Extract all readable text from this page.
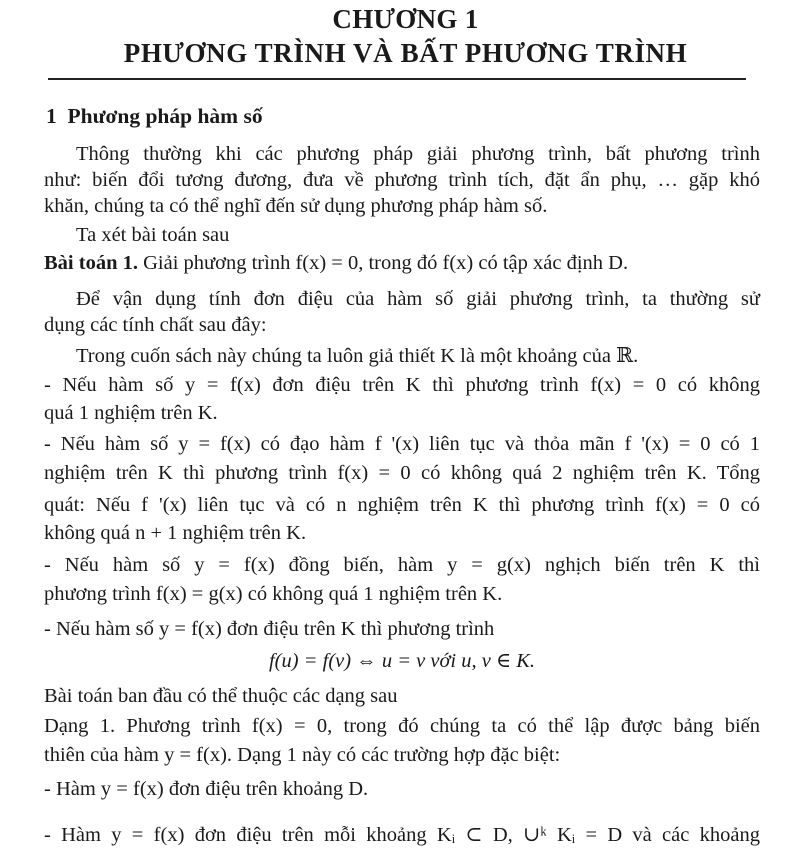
CHƯƠNG 1
PHƯƠNG TRÌNH VÀ BẤT PHƯƠNG TRÌNH
1 Phương pháp hàm số
Thông thường khi các phương pháp giải phương trình, bất phương trình
như: biến đổi tương đương, đưa về phương trình tích, đặt ẩn phụ, … gặp khó
khăn, chúng ta có thể nghĩ đến sử dụng phương pháp hàm số.
Ta xét bài toán sau
Bài toán 1. Giải phương trình f(x) = 0, trong đó f(x) có tập xác định D.
Để vận dụng tính đơn điệu của hàm số giải phương trình, ta thường sử
dụng các tính chất sau đây:
Trong cuốn sách này chúng ta luôn giả thiết K là một khoảng của ℝ.
- Nếu hàm số y = f(x) đơn điệu trên K thì phương trình f(x) = 0 có không
quá 1 nghiệm trên K.
- Nếu hàm số y = f(x) có đạo hàm f '(x) liên tục và thỏa mãn f '(x) = 0 có 1
nghiệm trên K thì phương trình f(x) = 0 có không quá 2 nghiệm trên K. Tổng
quát: Nếu f '(x) liên tục và có n nghiệm trên K thì phương trình f(x) = 0 có
không quá n + 1 nghiệm trên K.
- Nếu hàm số y = f(x) đồng biến, hàm y = g(x) nghịch biến trên K thì
phương trình f(x) = g(x) có không quá 1 nghiệm trên K.
- Nếu hàm số y = f(x) đơn điệu trên K thì phương trình
f(u) = f(v) ⇔ u = v với u, v ∈ K.
Bài toán ban đầu có thể thuộc các dạng sau
Dạng 1. Phương trình f(x) = 0, trong đó chúng ta có thể lập được bảng biến
thiên của hàm y = f(x). Dạng 1 này có các trường hợp đặc biệt:
- Hàm y = f(x) đơn điệu trên khoảng D.
- Hàm y = f(x) đơn điệu trên mỗi khoảng Kᵢ ⊂ D, ∪ᵏ Kᵢ = D và các khoảng
